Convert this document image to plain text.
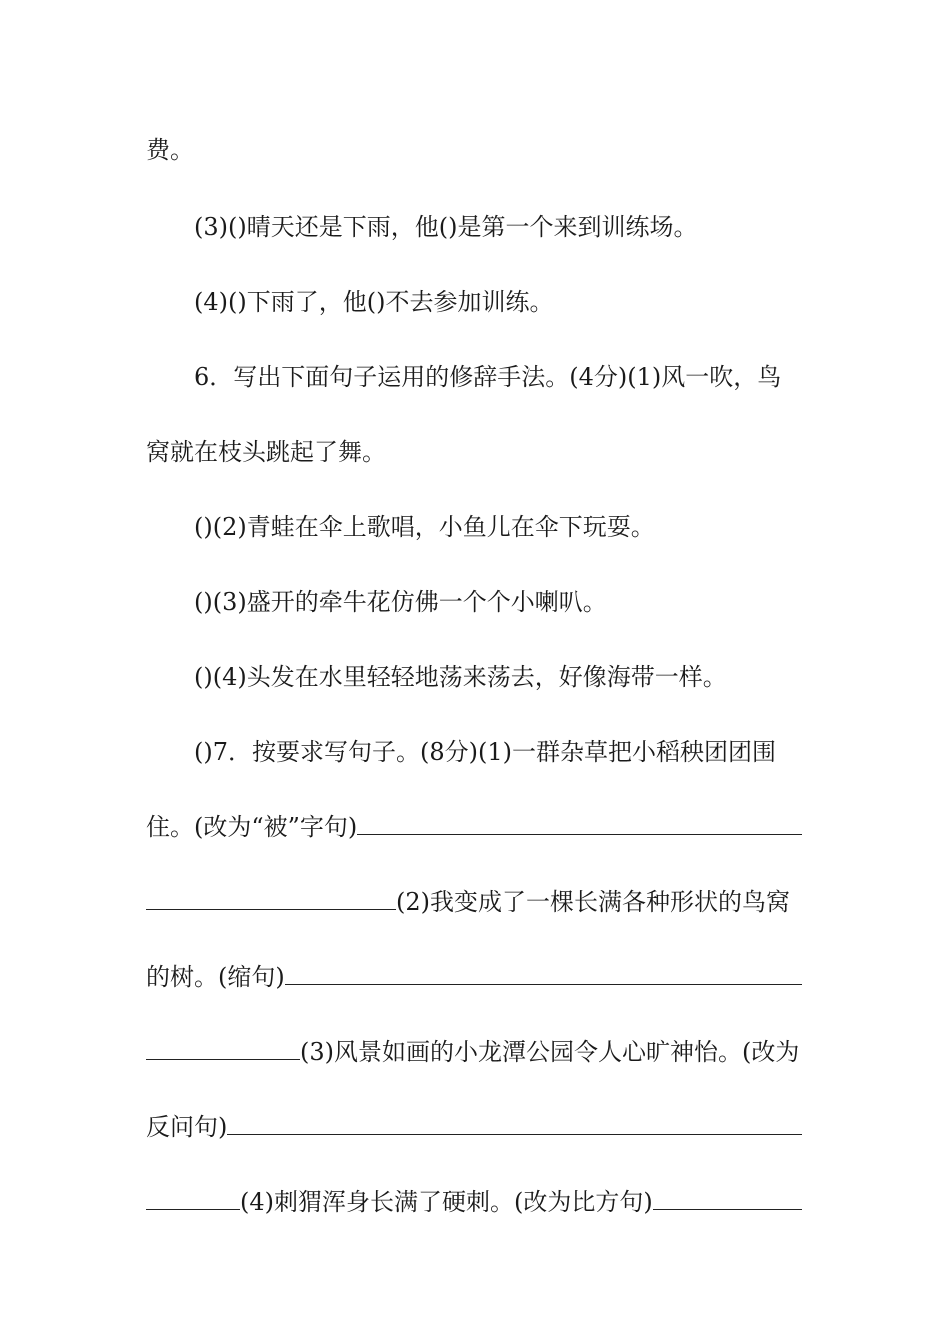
费。
(3)()晴天还是下雨，他()是第一个来到训练场。
(4)()下雨了，他()不去参加训练。
6．写出下面句子运用的修辞手法。(4分)(1)风一吹，鸟
窝就在枝头跳起了舞。
()(2)青蛙在伞上歌唱，小鱼儿在伞下玩耍。
()(3)盛开的牵牛花仿佛一个个小喇叭。
()(4)头发在水里轻轻地荡来荡去，好像海带一样。
()7．按要求写句子。(8分)(1)一群杂草把小稻秧团团围
住。(改为“被”字句)
(2)我变成了一棵长满各种形状的鸟窝
的树。(缩句)
(3)风景如画的小龙潭公园令人心旷神怡。(改为
反问句)
(4)刺猬浑身长满了硬刺。(改为比方句)
